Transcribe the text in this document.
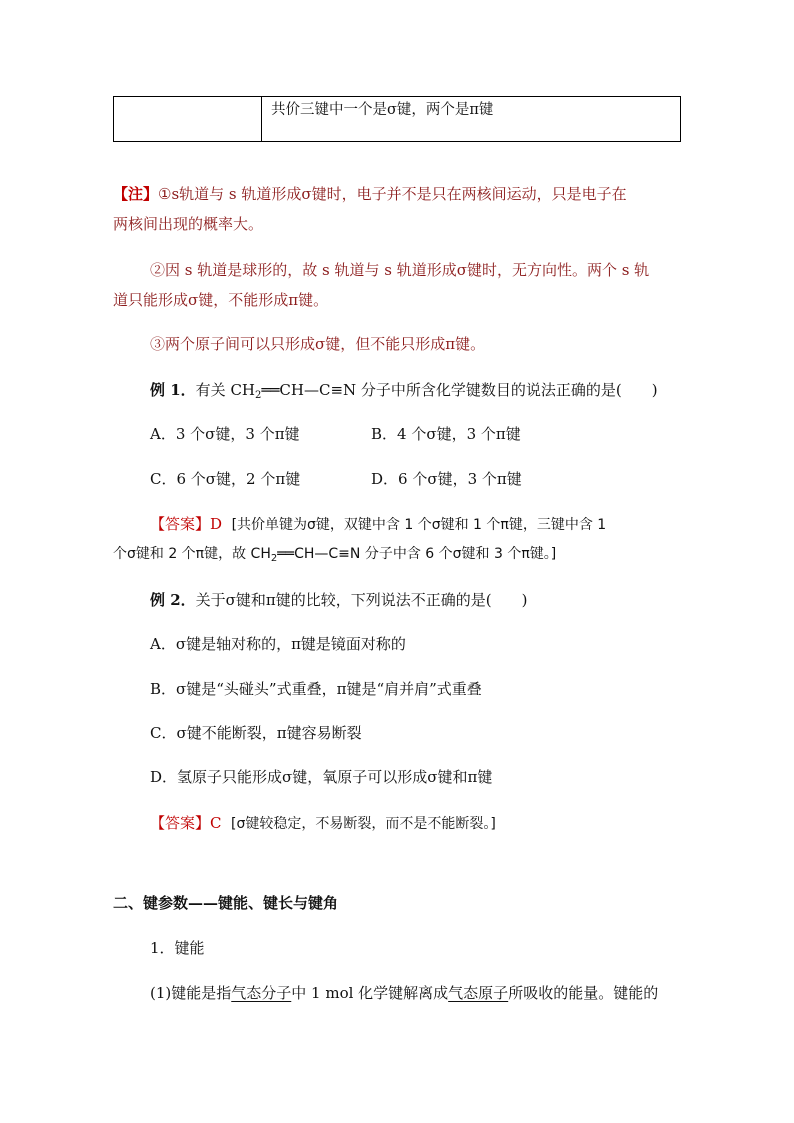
	共价三键中一个是σ键，两个是π键
【注】①s轨道与 s 轨道形成σ键时，电子并不是只在两核间运动，只是电子在
两核间出现的概率大。
②因 s 轨道是球形的，故 s 轨道与 s 轨道形成σ键时，无方向性。两个 s 轨
道只能形成σ键，不能形成π键。
③两个原子间可以只形成σ键，但不能只形成π键。
例 1．有关 $CH_2══CH—C\equiv N$ 分子中所含化学键数目的说法正确的是(　　)
A．3 个σ键，3 个π键	B．4 个σ键，3 个π键
C．6 个σ键，2 个π键	D．6 个σ键，3 个π键
【答案】D [共价单键为σ键，双键中含 1 个σ键和 1 个π键，三键中含 1
个σ键和 2 个π键，故 $CH_2══CH—C\equiv N$ 分子中含 6 个σ键和 3 个π键。]
例 2．关于σ键和π键的比较，下列说法不正确的是(　　)
A．σ键是轴对称的，π键是镜面对称的
B．σ键是“头碰头”式重叠，π键是“肩并肩”式重叠
C．σ键不能断裂，π键容易断裂
D．氢原子只能形成σ键，氧原子可以形成σ键和π键
【答案】C [σ键较稳定，不易断裂，而不是不能断裂。]
二、键参数——键能、键长与键角
1．键能
(1)键能是指气态分子中 1 mol 化学键解离成气态原子所吸收的能量。键能的
